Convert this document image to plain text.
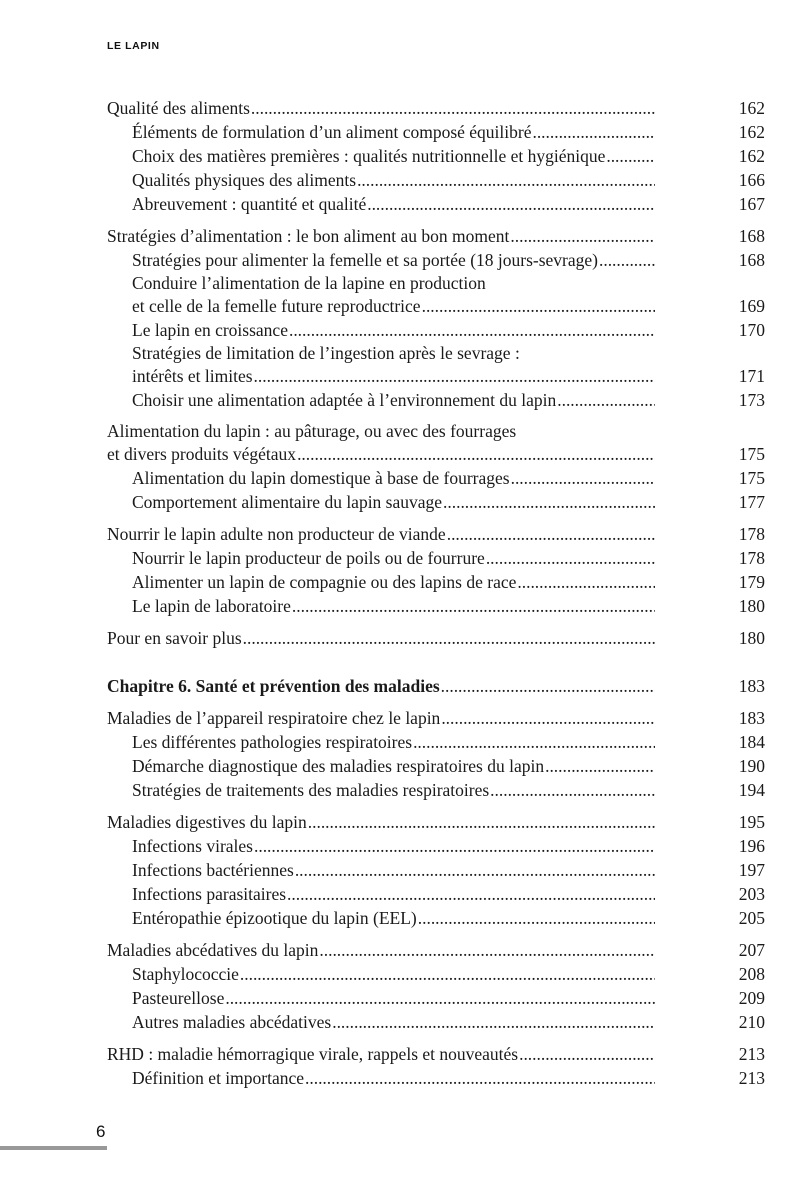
LE LAPIN
Qualité des aliments . . .	162
Éléments de formulation d’un aliment composé équilibré . . .	162
Choix des matières premières : qualités nutritionnelle et hygiénique . . .	162
Qualités physiques des aliments . . .	166
Abreuvement : quantité et qualité . . .	167
Stratégies d’alimentation : le bon aliment au bon moment . . .	168
Stratégies pour alimenter la femelle et sa portée (18 jours-sevrage) . . .	168
Conduire l’alimentation de la lapine en production
et celle de la femelle future reproductrice . . .	169
Le lapin en croissance . . .	170
Stratégies de limitation de l’ingestion après le sevrage :
intérêts et limites . . .	171
Choisir une alimentation adaptée à l’environnement du lapin . . .	173
Alimentation du lapin : au pâturage, ou avec des fourrages
et divers produits végétaux . . .	175
Alimentation du lapin domestique à base de fourrages . . .	175
Comportement alimentaire du lapin sauvage . . .	177
Nourrir le lapin adulte non producteur de viande . . .	178
Nourrir le lapin producteur de poils ou de fourrure . . .	178
Alimenter un lapin de compagnie ou des lapins de race . . .	179
Le lapin de laboratoire . . .	180
Pour en savoir plus . . .	180
Chapitre 6. Santé et prévention des maladies . . .	183
Maladies de l’appareil respiratoire chez le lapin . . .	183
Les différentes pathologies respiratoires . . .	184
Démarche diagnostique des maladies respiratoires du lapin . . .	190
Stratégies de traitements des maladies respiratoires . . .	194
Maladies digestives du lapin . . .	195
Infections virales . . .	196
Infections bactériennes . . .	197
Infections parasitaires . . .	203
Entéropathie épizootique du lapin (EEL) . . .	205
Maladies abcédatives du lapin . . .	207
Staphylococcie . . .	208
Pasteurellose . . .	209
Autres maladies abcédatives . . .	210
RHD : maladie hémorragique virale, rappels et nouveautés . . .	213
Définition et importance . . .	213
6
